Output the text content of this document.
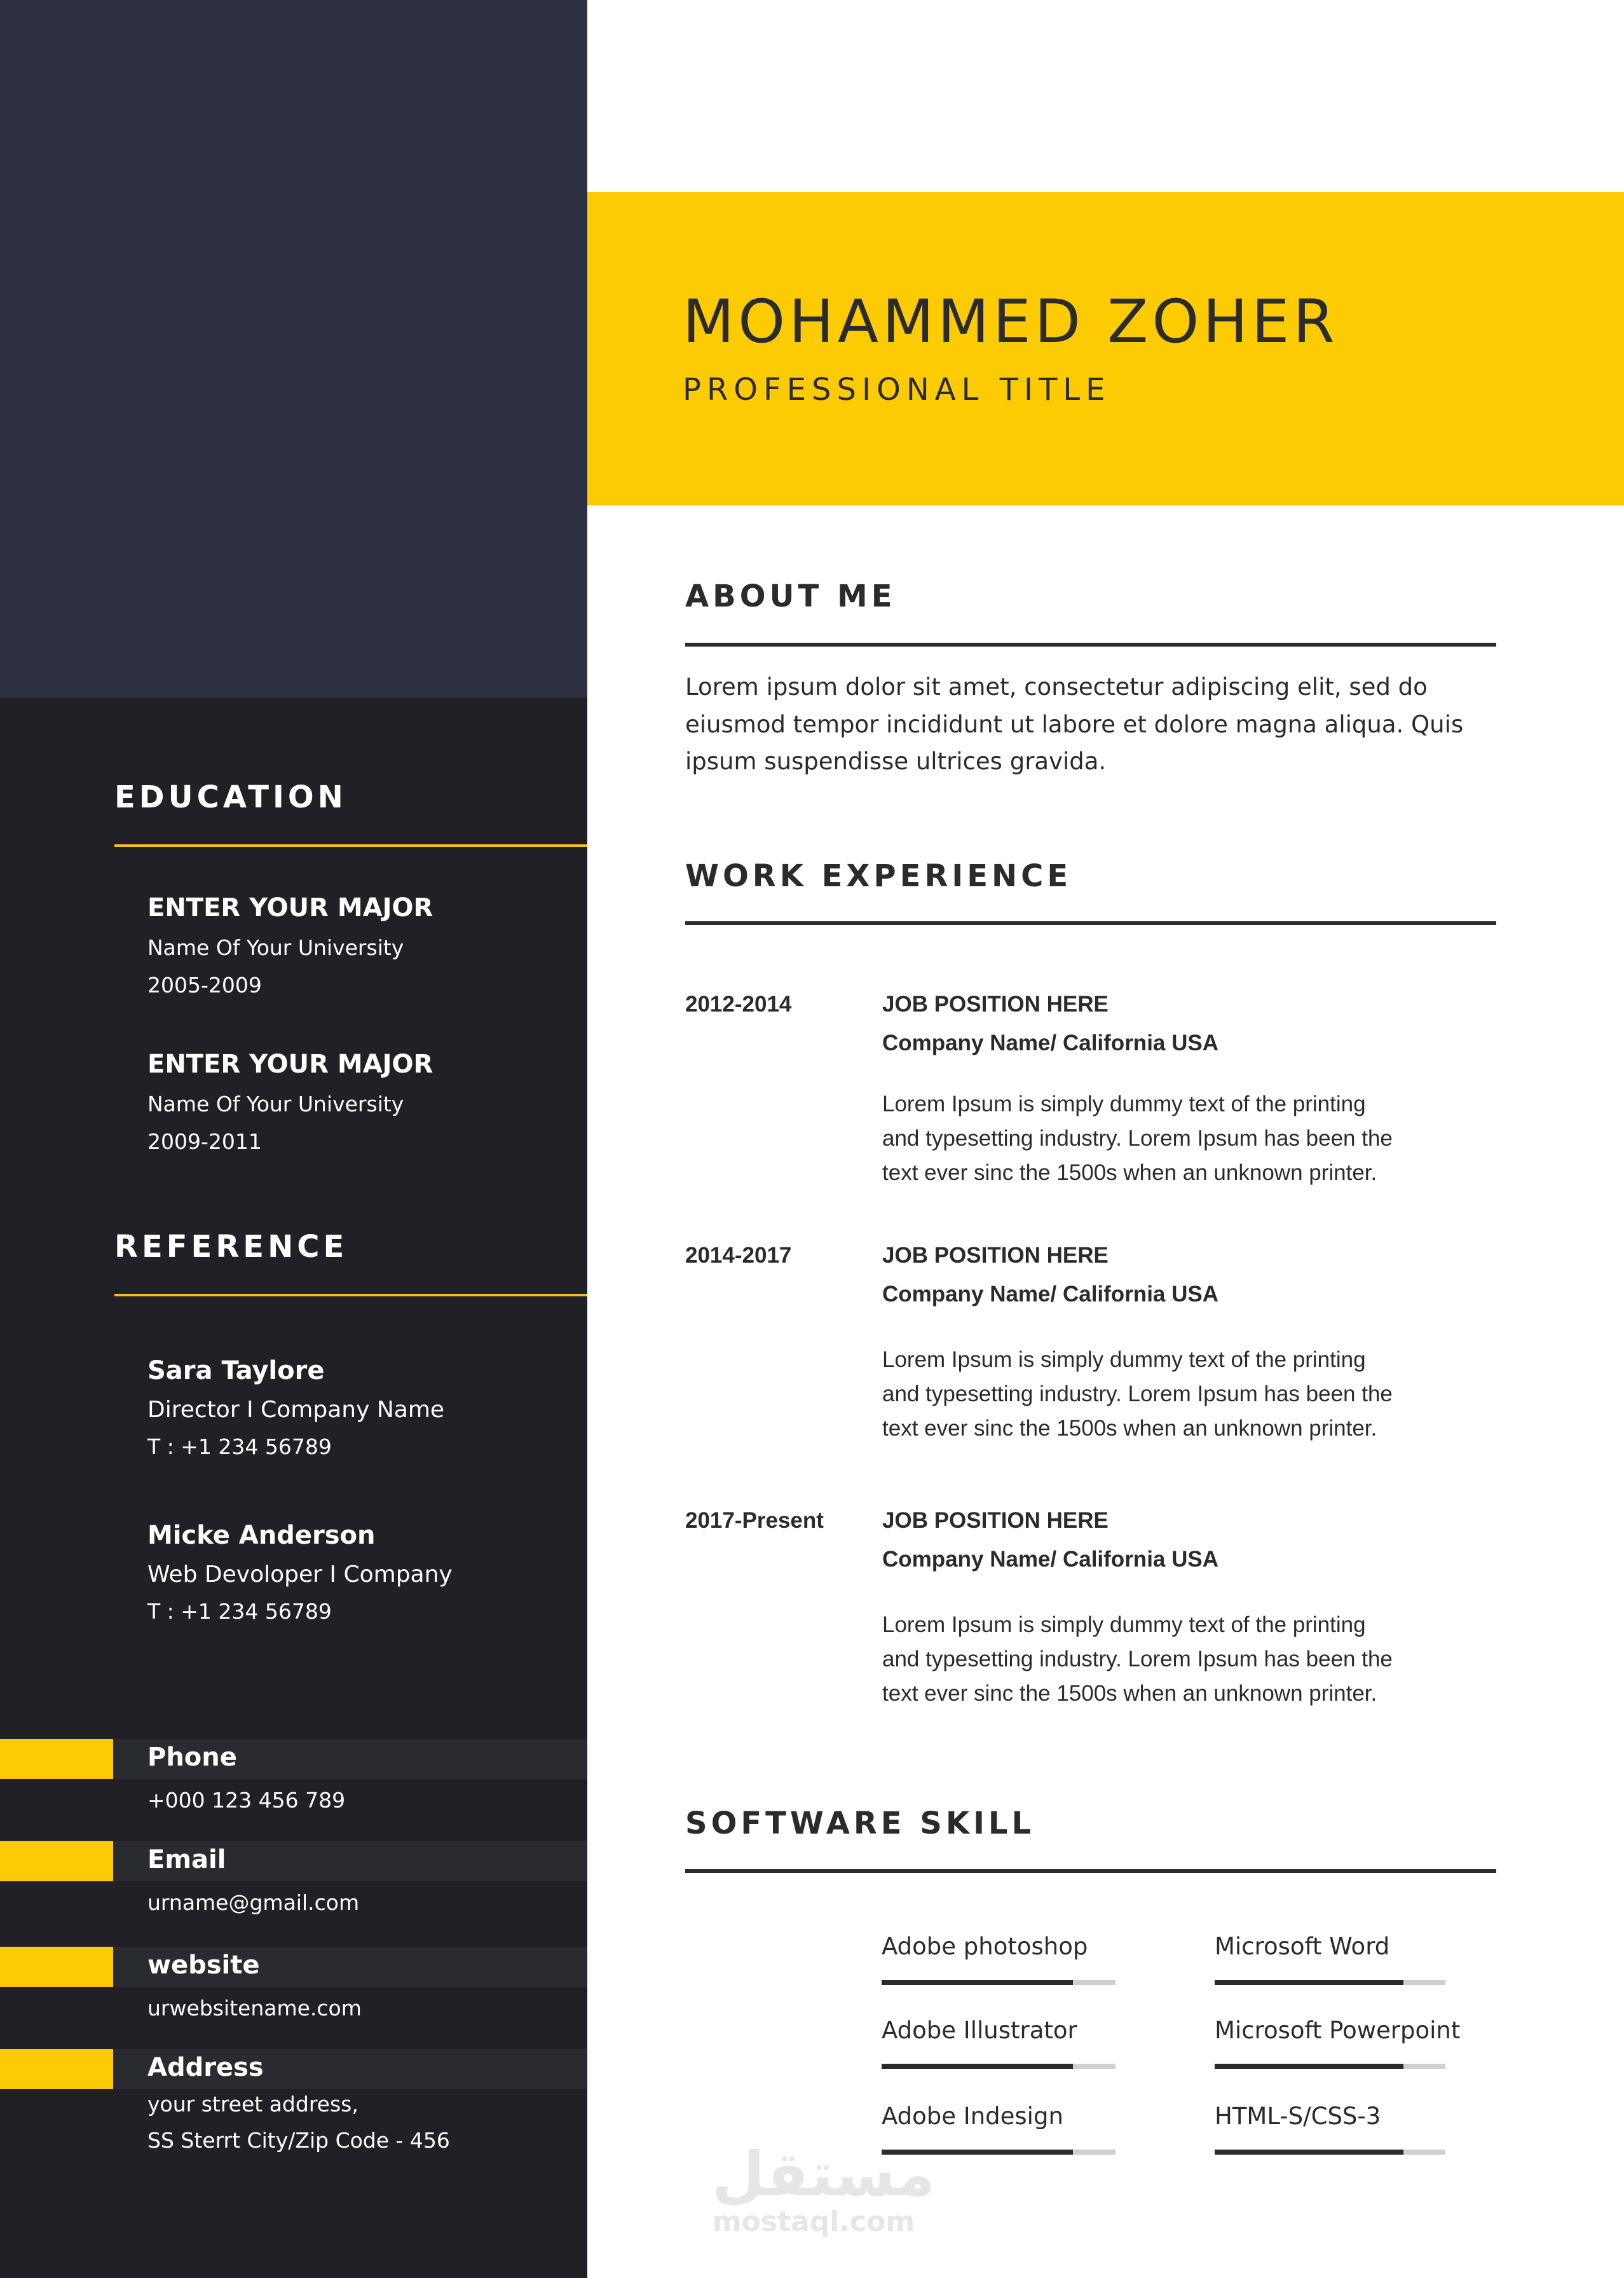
EDUCATION
ENTER YOUR MAJOR
Name Of Your University
2005-2009
ENTER YOUR MAJOR
Name Of Your University
2009-2011
REFERENCE
Sara Taylore
Director I Company Name
T : +1 234 56789
Micke Anderson
Web Devoloper I Company
T : +1 234 56789
Phone
+000 123 456 789
Email
urname@gmail.com
website
urwebsitename.com
Address
your street address,
SS Sterrt City/Zip Code - 456
MOHAMMED ZOHER
PROFESSIONAL TITLE
ABOUT ME
Lorem ipsum dolor sit amet, consectetur adipiscing elit, sed do
eiusmod tempor incididunt ut labore et dolore magna aliqua. Quis
ipsum suspendisse ultrices gravida.
WORK EXPERIENCE
2012-2014	JOB POSITION HERE
Company Name/ California USA
Lorem Ipsum is simply dummy text of the printing
and typesetting industry. Lorem Ipsum has been the
text ever sinc the 1500s when an unknown printer.
2014-2017	JOB POSITION HERE
Company Name/ California USA
Lorem Ipsum is simply dummy text of the printing
and typesetting industry. Lorem Ipsum has been the
text ever sinc the 1500s when an unknown printer.
2017-Present	JOB POSITION HERE
Company Name/ California USA
Lorem Ipsum is simply dummy text of the printing
and typesetting industry. Lorem Ipsum has been the
text ever sinc the 1500s when an unknown printer.
SOFTWARE SKILL
Adobe photoshop	Microsoft Word
Adobe Illustrator	Microsoft Powerpoint
Adobe Indesign	HTML-S/CSS-3
مستقل
mostaql.com
